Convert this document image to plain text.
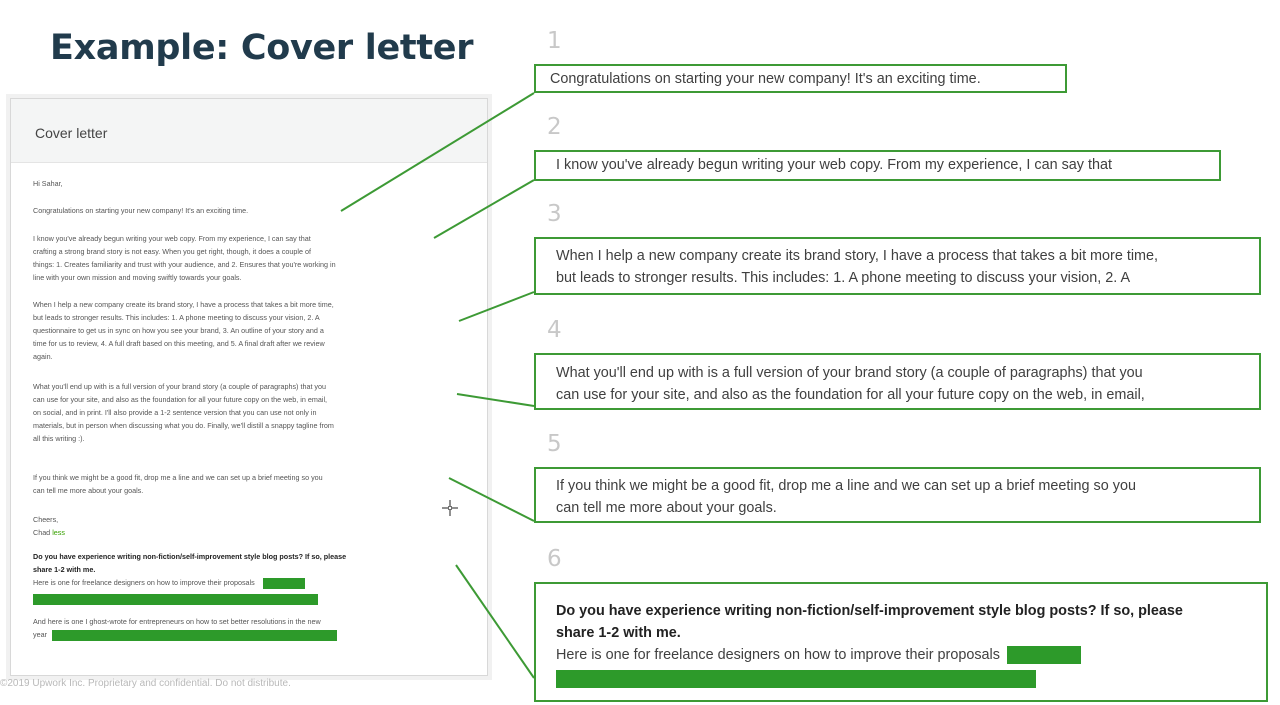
Example: Cover letter
Cover letter
Hi Sahar,
Congratulations on starting your new company! It's an exciting time.
I know you've already begun writing your web copy. From my experience, I can say that
crafting a strong brand story is not easy. When you get right, though, it does a couple of
things: 1. Creates familiarity and trust with your audience, and 2. Ensures that you're working in
line with your own mission and moving swiftly towards your goals.
When I help a new company create its brand story, I have a process that takes a bit more time,
but leads to stronger results. This includes: 1. A phone meeting to discuss your vision, 2. A
questionnaire to get us in sync on how you see your brand, 3. An outline of your story and a
time for us to review, 4. A full draft based on this meeting, and 5. A final draft after we review
again.
What you'll end up with is a full version of your brand story (a couple of paragraphs) that you
can use for your site, and also as the foundation for all your future copy on the web, in email,
on social, and in print. I'll also provide a 1-2 sentence version that you can use not only in
materials, but in person when discussing what you do. Finally, we'll distill a snappy tagline from
all this writing :).
If you think we might be a good fit, drop me a line and we can set up a brief meeting so you
can tell me more about your goals.
Cheers,
Chad less
Do you have experience writing non-fiction/self-improvement style blog posts? If so, please
share 1-2 with me.
Here is one for freelance designers on how to improve their proposals
And here is one I ghost-wrote for entrepreneurs on how to set better resolutions in the new
year
©2019 Upwork Inc. Proprietary and confidential. Do not distribute.
1
Congratulations on starting your new company! It's an exciting time.
2
I know you've already begun writing your web copy. From my experience, I can say that
3
When I help a new company create its brand story, I have a process that takes a bit more time,
but leads to stronger results. This includes: 1. A phone meeting to discuss your vision, 2. A
4
What you'll end up with is a full version of your brand story (a couple of paragraphs) that you
can use for your site, and also as the foundation for all your future copy on the web, in email,
5
If you think we might be a good fit, drop me a line and we can set up a brief meeting so you
can tell me more about your goals.
6
Do you have experience writing non-fiction/self-improvement style blog posts? If so, please
share 1-2 with me.
Here is one for freelance designers on how to improve their proposals
